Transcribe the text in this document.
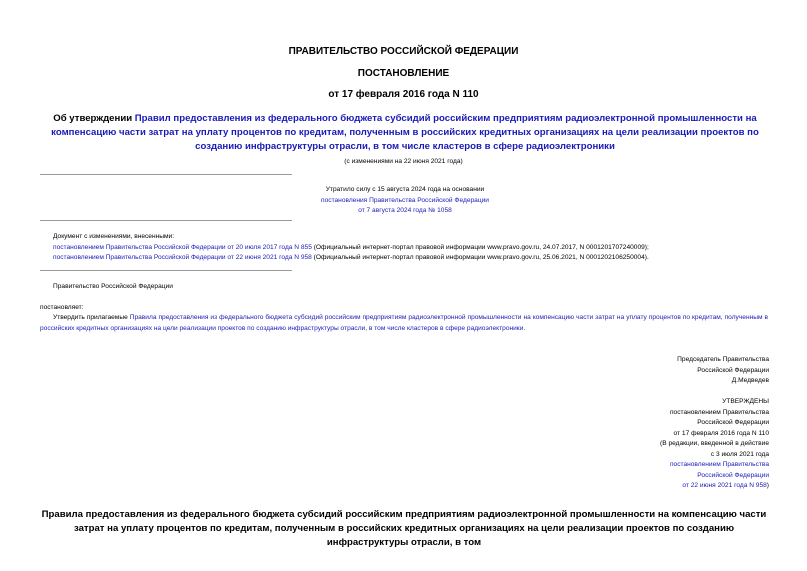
ПРАВИТЕЛЬСТВО РОССИЙСКОЙ ФЕДЕРАЦИИ
ПОСТАНОВЛЕНИЕ
от 17 февраля 2016 года N 110
Об утверждении Правил предоставления из федерального бюджета субсидий российским предприятиям радиоэлектронной промышленности на компенсацию части затрат на уплату процентов по кредитам, полученным в российских кредитных организациях на цели реализации проектов по созданию инфраструктуры отрасли, в том числе кластеров в сфере радиоэлектроники
(с изменениями на 22 июня 2021 года)
Утратило силу с 15 августа 2024 года на основании
постановления Правительства Российской Федерации
от 7 августа 2024 года № 1058
Документ с изменениями, внесенными:
постановлением Правительства Российской Федерации от 20 июля 2017 года N 855 (Официальный интернет-портал правовой информации www.pravo.gov.ru, 24.07.2017, N 0001201707240009);
постановлением Правительства Российской Федерации от 22 июня 2021 года N 958 (Официальный интернет-портал правовой информации www.pravo.gov.ru, 25.06.2021, N 0001202106250004).
Правительство Российской Федерации
постановляет:
Утвердить прилагаемые Правила предоставления из федерального бюджета субсидий российским предприятиям радиоэлектронной промышленности на компенсацию части затрат на уплату процентов по кредитам, полученным в российских кредитных организациях на цели реализации проектов по созданию инфраструктуры отрасли, в том числе кластеров в сфере радиоэлектроники.
Председатель Правительства
Российской Федерации
Д.Медведев
УТВЕРЖДЕНЫ
постановлением Правительства
Российской Федерации
от 17 февраля 2016 года N 110
(В редакции, введенной в действие
с 3 июля 2021 года
постановлением Правительства
Российской Федерации
от 22 июня 2021 года N 958)
Правила предоставления из федерального бюджета субсидий российским предприятиям радиоэлектронной промышленности на компенсацию части затрат на уплату процентов по кредитам, полученным в российских кредитных организациях на цели реализации проектов по созданию инфраструктуры отрасли, в том
